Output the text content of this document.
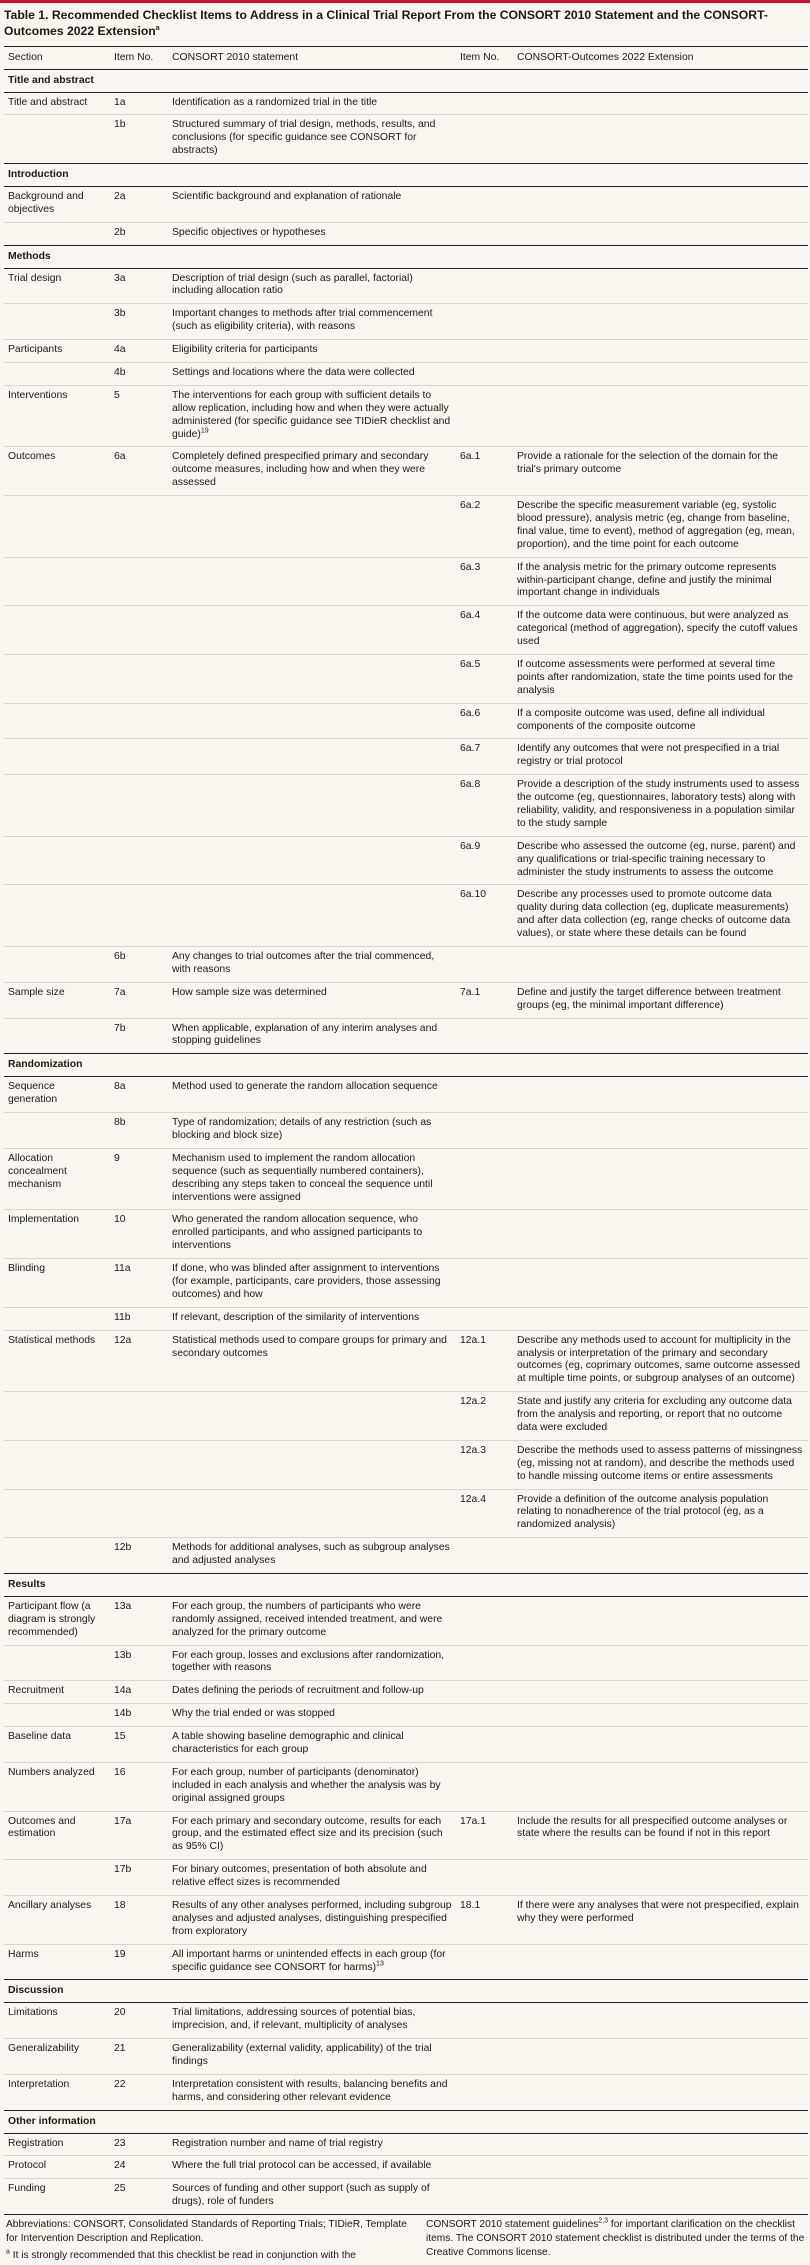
Table 1. Recommended Checklist Items to Address in a Clinical Trial Report From the CONSORT 2010 Statement and the CONSORT-Outcomes 2022 Extension$^a$
Section	Item No.	CONSORT 2010 statement	Item No.	CONSORT-Outcomes 2022 Extension
Title and abstract				
Title and abstract	1a	Identification as a randomized trial in the title		
	1b	Structured summary of trial design, methods, results, and conclusions (for specific guidance see CONSORT for abstracts)		
Introduction				
Background and objectives	2a	Scientific background and explanation of rationale		
	2b	Specific objectives or hypotheses		
Methods				
Trial design	3a	Description of trial design (such as parallel, factorial) including allocation ratio		
	3b	Important changes to methods after trial commencement (such as eligibility criteria), with reasons		
Participants	4a	Eligibility criteria for participants		
	4b	Settings and locations where the data were collected		
Interventions	5	The interventions for each group with sufficient details to allow replication, including how and when they were actually administered (for specific guidance see TIDieR checklist and guide)$^{19}$		
Outcomes	6a	Completely defined prespecified primary and secondary outcome measures, including how and when they were assessed	6a.1	Provide a rationale for the selection of the domain for the trial's primary outcome
			6a.2	Describe the specific measurement variable (eg, systolic blood pressure), analysis metric (eg, change from baseline, final value, time to event), method of aggregation (eg, mean, proportion), and the time point for each outcome
			6a.3	If the analysis metric for the primary outcome represents within-participant change, define and justify the minimal important change in individuals
			6a.4	If the outcome data were continuous, but were analyzed as categorical (method of aggregation), specify the cutoff values used
			6a.5	If outcome assessments were performed at several time points after randomization, state the time points used for the analysis
			6a.6	If a composite outcome was used, define all individual components of the composite outcome
			6a.7	Identify any outcomes that were not prespecified in a trial registry or trial protocol
			6a.8	Provide a description of the study instruments used to assess the outcome (eg, questionnaires, laboratory tests) along with reliability, validity, and responsiveness in a population similar to the study sample
			6a.9	Describe who assessed the outcome (eg, nurse, parent) and any qualifications or trial-specific training necessary to administer the study instruments to assess the outcome
			6a.10	Describe any processes used to promote outcome data quality during data collection (eg, duplicate measurements) and after data collection (eg, range checks of outcome data values), or state where these details can be found
	6b	Any changes to trial outcomes after the trial commenced, with reasons		
Sample size	7a	How sample size was determined	7a.1	Define and justify the target difference between treatment groups (eg, the minimal important difference)
	7b	When applicable, explanation of any interim analyses and stopping guidelines		
Randomization				
Sequence generation	8a	Method used to generate the random allocation sequence		
	8b	Type of randomization; details of any restriction (such as blocking and block size)		
Allocation concealment mechanism	9	Mechanism used to implement the random allocation sequence (such as sequentially numbered containers), describing any steps taken to conceal the sequence until interventions were assigned		
Implementation	10	Who generated the random allocation sequence, who enrolled participants, and who assigned participants to interventions		
Blinding	11a	If done, who was blinded after assignment to interventions (for example, participants, care providers, those assessing outcomes) and how		
	11b	If relevant, description of the similarity of interventions		
Statistical methods	12a	Statistical methods used to compare groups for primary and secondary outcomes	12a.1	Describe any methods used to account for multiplicity in the analysis or interpretation of the primary and secondary outcomes (eg, coprimary outcomes, same outcome assessed at multiple time points, or subgroup analyses of an outcome)
			12a.2	State and justify any criteria for excluding any outcome data from the analysis and reporting, or report that no outcome data were excluded
			12a.3	Describe the methods used to assess patterns of missingness (eg, missing not at random), and describe the methods used to handle missing outcome items or entire assessments
			12a.4	Provide a definition of the outcome analysis population relating to nonadherence of the trial protocol (eg, as a randomized analysis)
	12b	Methods for additional analyses, such as subgroup analyses and adjusted analyses		
Results				
Participant flow (a diagram is strongly recommended)	13a	For each group, the numbers of participants who were randomly assigned, received intended treatment, and were analyzed for the primary outcome		
	13b	For each group, losses and exclusions after randomization, together with reasons		
Recruitment	14a	Dates defining the periods of recruitment and follow-up		
	14b	Why the trial ended or was stopped		
Baseline data	15	A table showing baseline demographic and clinical characteristics for each group		
Numbers analyzed	16	For each group, number of participants (denominator) included in each analysis and whether the analysis was by original assigned groups		
Outcomes and estimation	17a	For each primary and secondary outcome, results for each group, and the estimated effect size and its precision (such as 95% CI)	17a.1	Include the results for all prespecified outcome analyses or state where the results can be found if not in this report
	17b	For binary outcomes, presentation of both absolute and relative effect sizes is recommended		
Ancillary analyses	18	Results of any other analyses performed, including subgroup analyses and adjusted analyses, distinguishing prespecified from exploratory	18.1	If there were any analyses that were not prespecified, explain why they were performed
Harms	19	All important harms or unintended effects in each group (for specific guidance see CONSORT for harms)$^{13}$		
Discussion				
Limitations	20	Trial limitations, addressing sources of potential bias, imprecision, and, if relevant, multiplicity of analyses		
Generalizability	21	Generalizability (external validity, applicability) of the trial findings		
Interpretation	22	Interpretation consistent with results, balancing benefits and harms, and considering other relevant evidence		
Other information				
Registration	23	Registration number and name of trial registry		
Protocol	24	Where the full trial protocol can be accessed, if available		
Funding	25	Sources of funding and other support (such as supply of drugs), role of funders		

Abbreviations: CONSORT, Consolidated Standards of Reporting Trials; TIDieR, Template for Intervention Description and Replication.

$^a$ It is strongly recommended that this checklist be read in conjunction with the

CONSORT 2010 statement guidelines$^{2,3}$ for important clarification on the checklist items. The CONSORT 2010 statement checklist is distributed under the terms of the Creative Commons license.
